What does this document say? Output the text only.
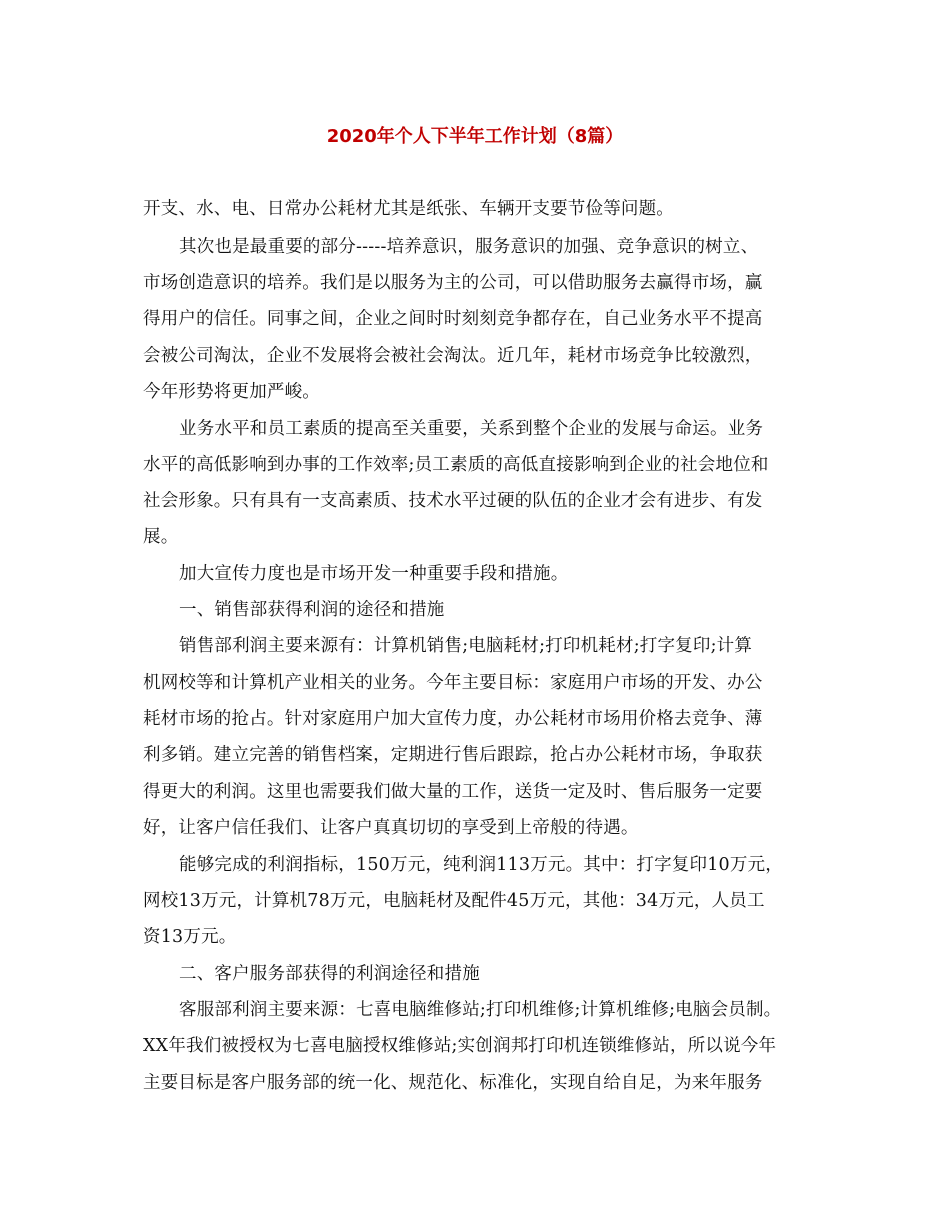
2020年个人下半年工作计划（8篇）

开支、水、电、日常办公耗材尤其是纸张、车辆开支要节俭等问题。

其次也是最重要的部分-----培养意识，服务意识的加强、竞争意识的树立、

市场创造意识的培养。我们是以服务为主的公司，可以借助服务去赢得市场，赢

得用户的信任。同事之间，企业之间时时刻刻竞争都存在，自己业务水平不提高

会被公司淘汰，企业不发展将会被社会淘汰。近几年，耗材市场竞争比较激烈，

今年形势将更加严峻。

业务水平和员工素质的提高至关重要，关系到整个企业的发展与命运。业务

水平的高低影响到办事的工作效率;员工素质的高低直接影响到企业的社会地位和

社会形象。只有具有一支高素质、技术水平过硬的队伍的企业才会有进步、有发

展。

加大宣传力度也是市场开发一种重要手段和措施。

一、销售部获得利润的途径和措施

销售部利润主要来源有：计算机销售;电脑耗材;打印机耗材;打字复印;计算

机网校等和计算机产业相关的业务。今年主要目标：家庭用户市场的开发、办公

耗材市场的抢占。针对家庭用户加大宣传力度，办公耗材市场用价格去竞争、薄

利多销。建立完善的销售档案，定期进行售后跟踪，抢占办公耗材市场，争取获

得更大的利润。这里也需要我们做大量的工作，送货一定及时、售后服务一定要

好，让客户信任我们、让客户真真切切的享受到上帝般的待遇。

能够完成的利润指标，150万元，纯利润113万元。其中：打字复印10万元，

网校13万元，计算机78万元，电脑耗材及配件45万元，其他：34万元，人员工

资13万元。

二、客户服务部获得的利润途径和措施

客服部利润主要来源：七喜电脑维修站;打印机维修;计算机维修;电脑会员制。

XX年我们被授权为七喜电脑授权维修站;实创润邦打印机连锁维修站，所以说今年

主要目标是客户服务部的统一化、规范化、标准化，实现自给自足，为来年服务
